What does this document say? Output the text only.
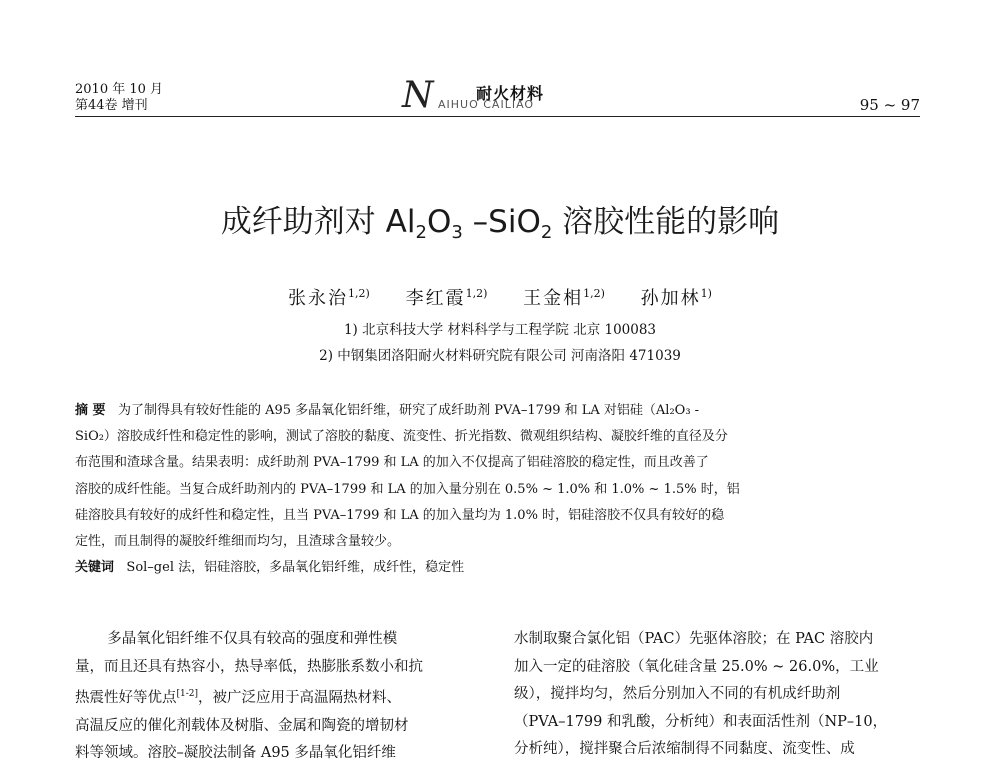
2010 年 10 月
第44卷 增刊	N	耐火材料
AIHUO CAILIAO	95 ~ 97
成纤助剂对 $Al_2O_3$ –SiO$_2$ 溶胶性能的影响
张永治$^{1,2)}$ 李红霞$^{1,2)}$ 王金相$^{1,2)}$ 孙加林$^{1)}$
1) 北京科技大学 材料科学与工程学院 北京 100083
2) 中钢集团洛阳耐火材料研究院有限公司 河南洛阳 471039
摘 要 为了制得具有较好性能的 A95 多晶氧化铝纤维，研究了成纤助剂 PVA–1799 和 LA 对铝硅（Al₂O₃ -
SiO₂）溶胶成纤性和稳定性的影响，测试了溶胶的黏度、流变性、折光指数、微观组织结构、凝胶纤维的直径及分
布范围和渣球含量。结果表明：成纤助剂 PVA–1799 和 LA 的加入不仅提高了铝硅溶胶的稳定性，而且改善了
溶胶的成纤性能。当复合成纤助剂内的 PVA–1799 和 LA 的加入量分别在 0.5% ~ 1.0% 和 1.0% ~ 1.5% 时，铝
硅溶胶具有较好的成纤性和稳定性，且当 PVA–1799 和 LA 的加入量均为 1.0% 时，铝硅溶胶不仅具有较好的稳
定性，而且制得的凝胶纤维细而均匀，且渣球含量较少。
关键词 Sol–gel 法，铝硅溶胶，多晶氧化铝纤维，成纤性，稳定性
多晶氧化铝纤维不仅具有较高的强度和弹性模
量，而且还具有热容小，热导率低，热膨胀系数小和抗
热震性好等优点[1-2]，被广泛应用于高温隔热材料、
高温反应的催化剂载体及树脂、金属和陶瓷的增韧材
料等领域。溶胶–凝胶法制备 A95 多晶氧化铝纤维
水制取聚合氯化铝（PAC）先驱体溶胶；在 PAC 溶胶内
加入一定的硅溶胶（氧化硅含量 25.0% ~ 26.0%，工业
级），搅拌均匀，然后分别加入不同的有机成纤助剂
（PVA–1799 和乳酸，分析纯）和表面活性剂（NP–10，
分析纯），搅拌聚合后浓缩制得不同黏度、流变性、成
